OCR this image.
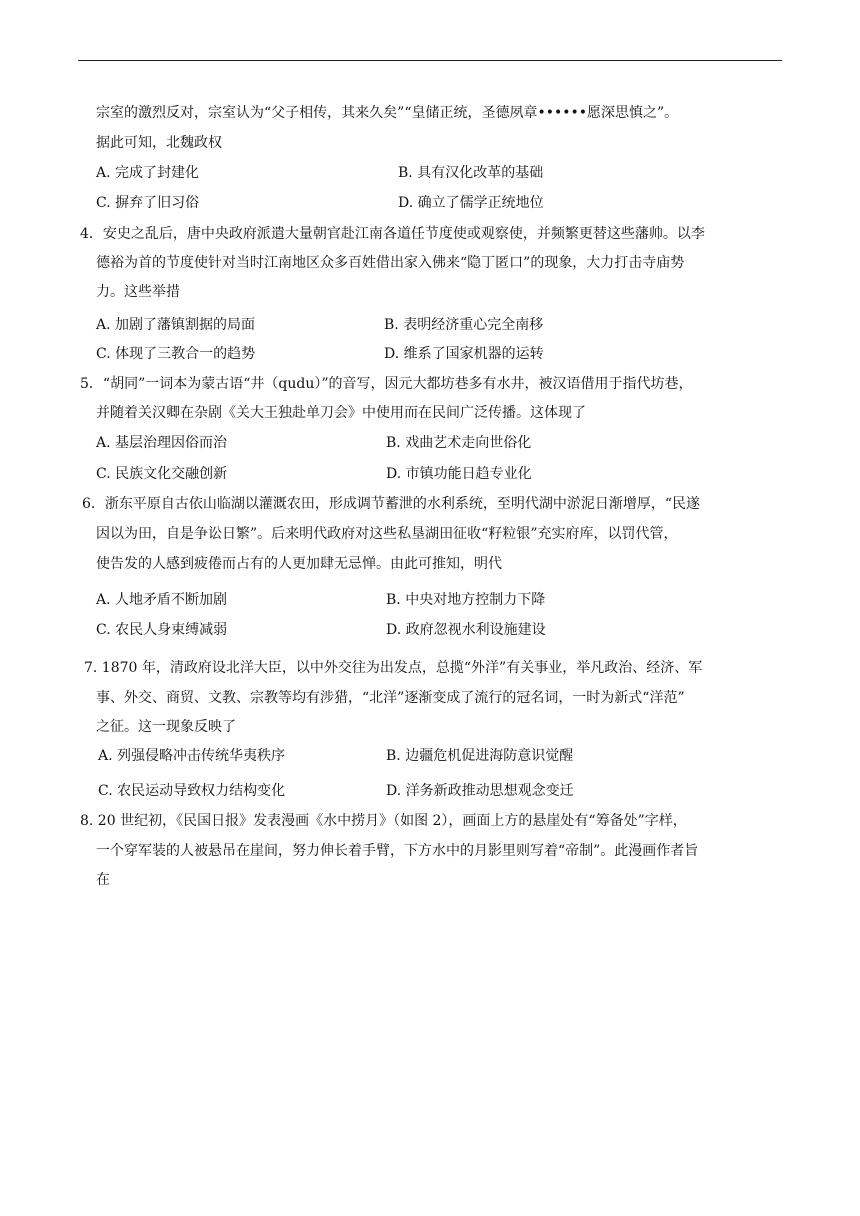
宗室的激烈反对，宗室认为“父子相传，其来久矣”“皇储正统，圣德夙章••••••愿深思慎之”。
据此可知，北魏政权
A. 完成了封建化	B. 具有汉化改革的基础
C. 摒弃了旧习俗	D. 确立了儒学正统地位
4．安史之乱后，唐中央政府派遣大量朝官赴江南各道任节度使或观察使，并频繁更替这些藩帅。以李
德裕为首的节度使针对当时江南地区众多百姓借出家入佛来“隐丁匿口”的现象，大力打击寺庙势
力。这些举措
A. 加剧了藩镇割据的局面	B. 表明经济重心完全南移
C. 体现了三教合一的趋势	D. 维系了国家机器的运转
5．“胡同”一词本为蒙古语“井（qudu）”的音写，因元大都坊巷多有水井，被汉语借用于指代坊巷，
并随着关汉卿在杂剧《关大王独赴单刀会》中使用而在民间广泛传播。这体现了
A. 基层治理因俗而治	B. 戏曲艺术走向世俗化
C. 民族文化交融创新	D. 市镇功能日趋专业化
6．浙东平原自古依山临湖以灌溉农田，形成调节蓄泄的水利系统，至明代湖中淤泥日渐增厚，“民遂
因以为田，自是争讼日繁”。后来明代政府对这些私垦湖田征收“籽粒银”充实府库，以罚代管，
使告发的人感到疲倦而占有的人更加肆无忌惮。由此可推知，明代
A. 人地矛盾不断加剧	B. 中央对地方控制力下降
C. 农民人身束缚减弱	D. 政府忽视水利设施建设
7. 1870 年，清政府设北洋大臣，以中外交往为出发点，总揽“外洋”有关事业，举凡政治、经济、军
事、外交、商贸、文教、宗教等均有涉猎，“北洋”逐渐变成了流行的冠名词，一时为新式“洋范”
之征。这一现象反映了
A. 列强侵略冲击传统华夷秩序	B. 边疆危机促进海防意识觉醒
C. 农民运动导致权力结构变化	D. 洋务新政推动思想观念变迁
8. 20 世纪初，《民国日报》发表漫画《水中捞月》（如图 2），画面上方的悬崖处有“筹备处”字样，
一个穿军装的人被悬吊在崖间，努力伸长着手臂，下方水中的月影里则写着“帝制”。此漫画作者旨
在
